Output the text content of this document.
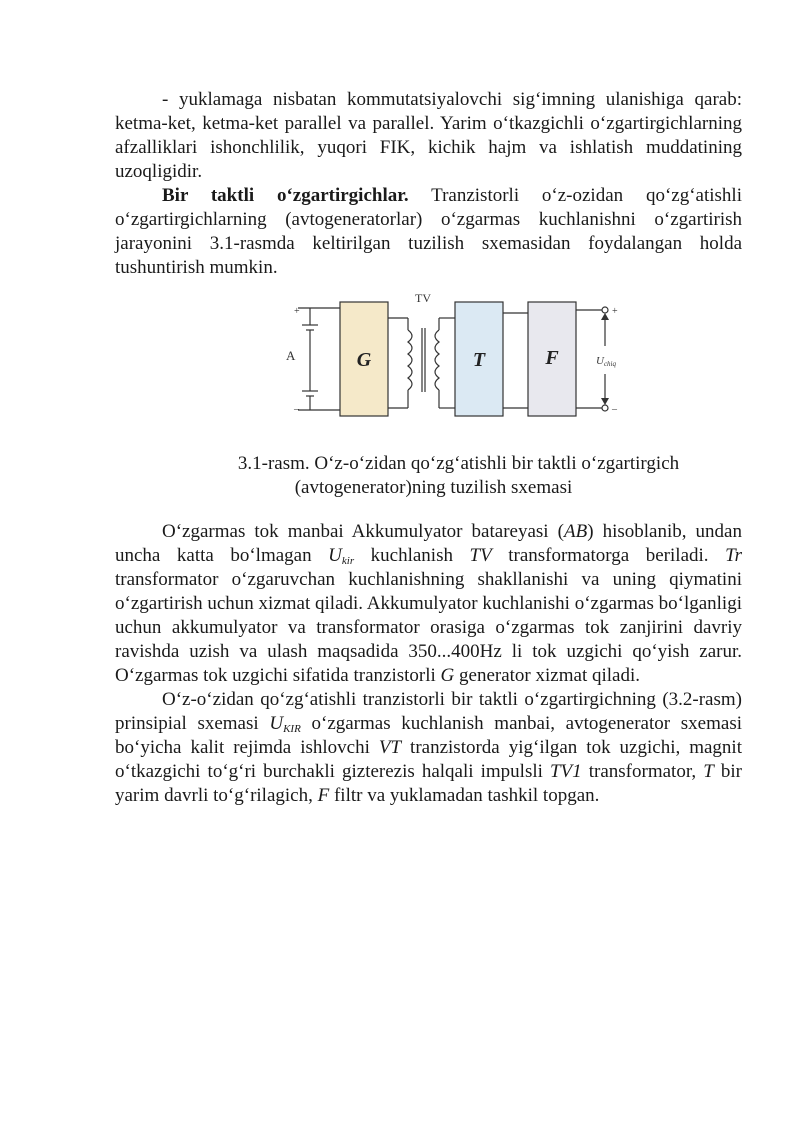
- yuklamaga nisbatan kommutatsiyalovchi sig‘imning ulanishiga qarab: ketma-ket, ketma-ket parallel va parallel. Yarim o‘tkazgichli o‘zgartirgichlarning afzalliklari ishonchlilik, yuqori FIK, kichik hajm va ishlatish muddatining uzoqligidir.

Bir taktli o‘zgartirgichlar. Tranzistorli o‘z-ozidan qo‘zg‘atishli o‘zgartirgichlarning (avtogeneratorlar) o‘zgarmas kuchlanishni o‘zgartirish jarayonini 3.1-rasmda keltirilgan tuzilish sxemasidan foydalangan holda tushuntirish mumkin.

+
–
A	G
TV
T	F
+
–
Uchiq
3.1-rasm. O‘z-o‘zidan qo‘zg‘atishli bir taktli o‘zgartirgich
(avtogenerator)ning tuzilish sxemasi

O‘zgarmas tok manbai Akkumulyator batareyasi (AB) hisoblanib, undan uncha katta bo‘lmagan $U_{kir}$ kuchlanish TV transformatorga beriladi. Tr transformator o‘zgaruvchan kuchlanishning shakllanishi va uning qiymatini o‘zgartirish uchun xizmat qiladi. Akkumulyator kuchlanishi o‘zgarmas bo‘lganligi uchun akkumulyator va transformator orasiga o‘zgarmas tok zanjirini davriy ravishda uzish va ulash maqsadida 350...400Hz li tok uzgichi qo‘yish zarur. O‘zgarmas tok uzgichi sifatida tranzistorli G generator xizmat qiladi.

O‘z-o‘zidan qo‘zg‘atishli tranzistorli bir taktli o‘zgartirgichning (3.2-rasm) prinsipial sxemasi $U_{KIR}$ o‘zgarmas kuchlanish manbai, avtogenerator sxemasi bo‘yicha kalit rejimda ishlovchi VT tranzistorda yig‘ilgan tok uzgichi, magnit o‘tkazgichi to‘g‘ri burchakli gizterezis halqali impulsli TV1 transformator, T bir yarim davrli to‘g‘rilagich, F filtr va yuklamadan tashkil topgan.
